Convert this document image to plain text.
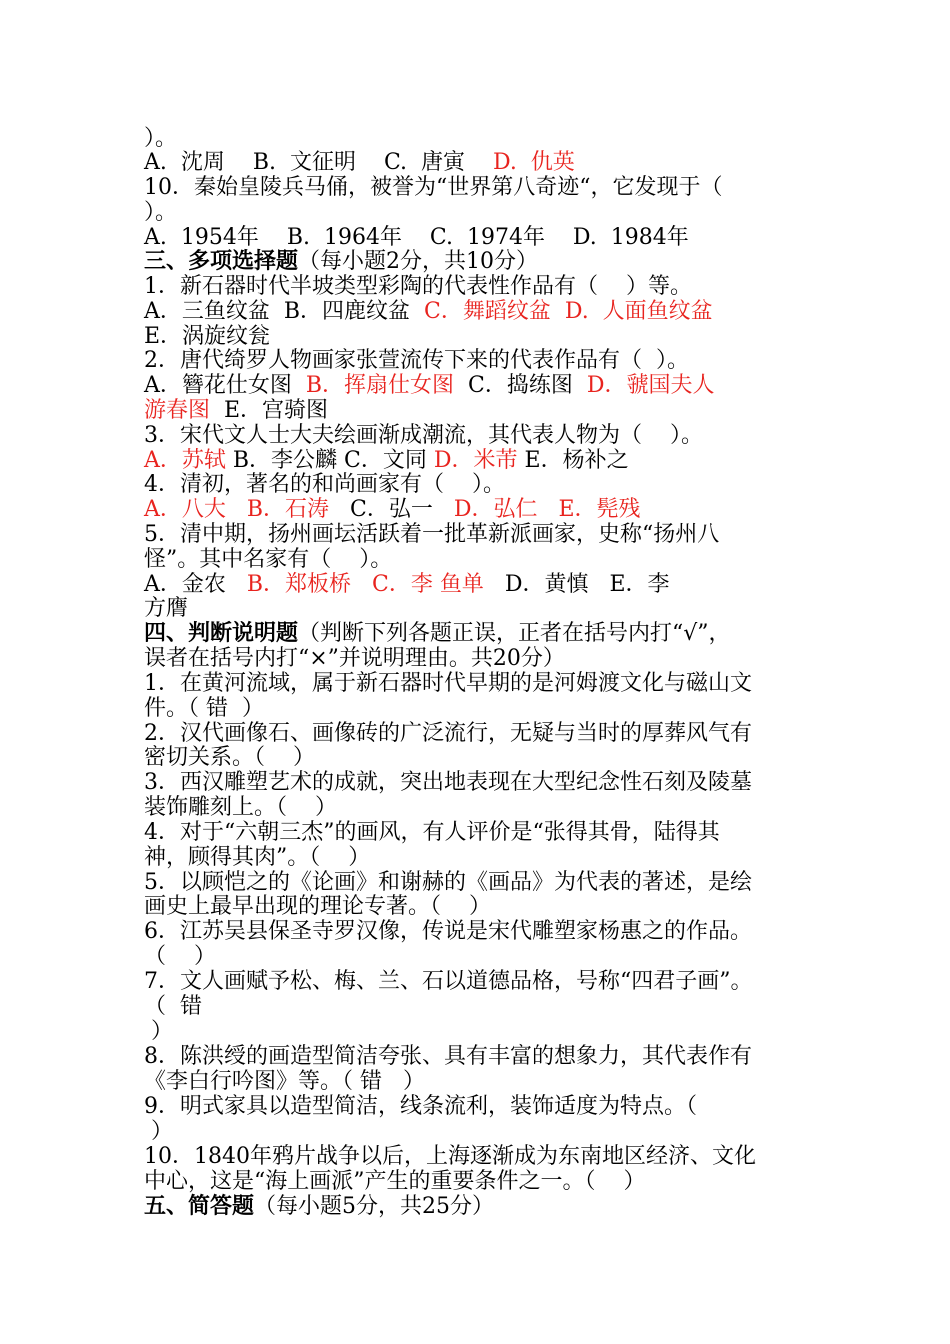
）。
A.  沈周    B.  文征明    C.  唐寅    D.  仇英
10．秦始皇陵兵马俑，被誉为“世界第八奇迹“，它发现于（
）。
A.  1954年    B.  1964年    C.  1974年    D.  1984年
三、多项选择题（每小题2分，共10分）
1．新石器时代半坡类型彩陶的代表性作品有（    ）等。
A．三鱼纹盆  B．四鹿纹盆  C．舞蹈纹盆  D.  人面鱼纹盆
E．涡旋纹瓮
2．唐代绮罗人物画家张萱流传下来的代表作品有（  ）。
A．簪花仕女图  B．挥扇仕女图  C．捣练图  D．虢国夫人
游春图  E．宫骑图
3．宋代文人士大夫绘画渐成潮流，其代表人物为（    ）。
A．苏轼 B．李公麟 C．文同 D．米芾 E．杨补之
4．清初，著名的和尚画家有（    ）。
A．八大   B．石涛   C．弘一   D．弘仁   E．髡残
5．清中期，扬州画坛活跃着一批革新派画家，史称“扬州八
怪”。其中名家有（    ）。
A．金农   B．郑板桥   C．李 鱼单   D．黄慎   E．李
方膺
四、判断说明题（判断下列各题正误，正者在括号内打“√”，
误者在括号内打“×”并说明理由。共20分）
1．在黄河流域，属于新石器时代早期的是河姆渡文化与磁山文
件。（ 错  ）
2．汉代画像石、画像砖的广泛流行，无疑与当时的厚葬风气有
密切关系。（    ）
3．西汉雕塑艺术的成就，突出地表现在大型纪念性石刻及陵墓
装饰雕刻上。（    ）
4．对于“六朝三杰”的画风，有人评价是“张得其骨，陆得其
神，顾得其肉”。（    ）
5．以顾恺之的《论画》和谢赫的《画品》为代表的著述，是绘
画史上最早出现的理论专著。（    ）
6．江苏吴县保圣寺罗汉像，传说是宋代雕塑家杨惠之的作品。
（    ）
7．文人画赋予松、梅、兰、石以道德品格，号称“四君子画”。
（  错
）
8．陈洪绶的画造型简洁夸张、具有丰富的想象力，其代表作有
《李白行吟图》等。（ 错   ）
9．明式家具以造型简洁，线条流利，装饰适度为特点。（
）
10．1840年鸦片战争以后，上海逐渐成为东南地区经济、文化
中心，这是“海上画派”产生的重要条件之一。（    ）
五、简答题（每小题5分，共25分）
